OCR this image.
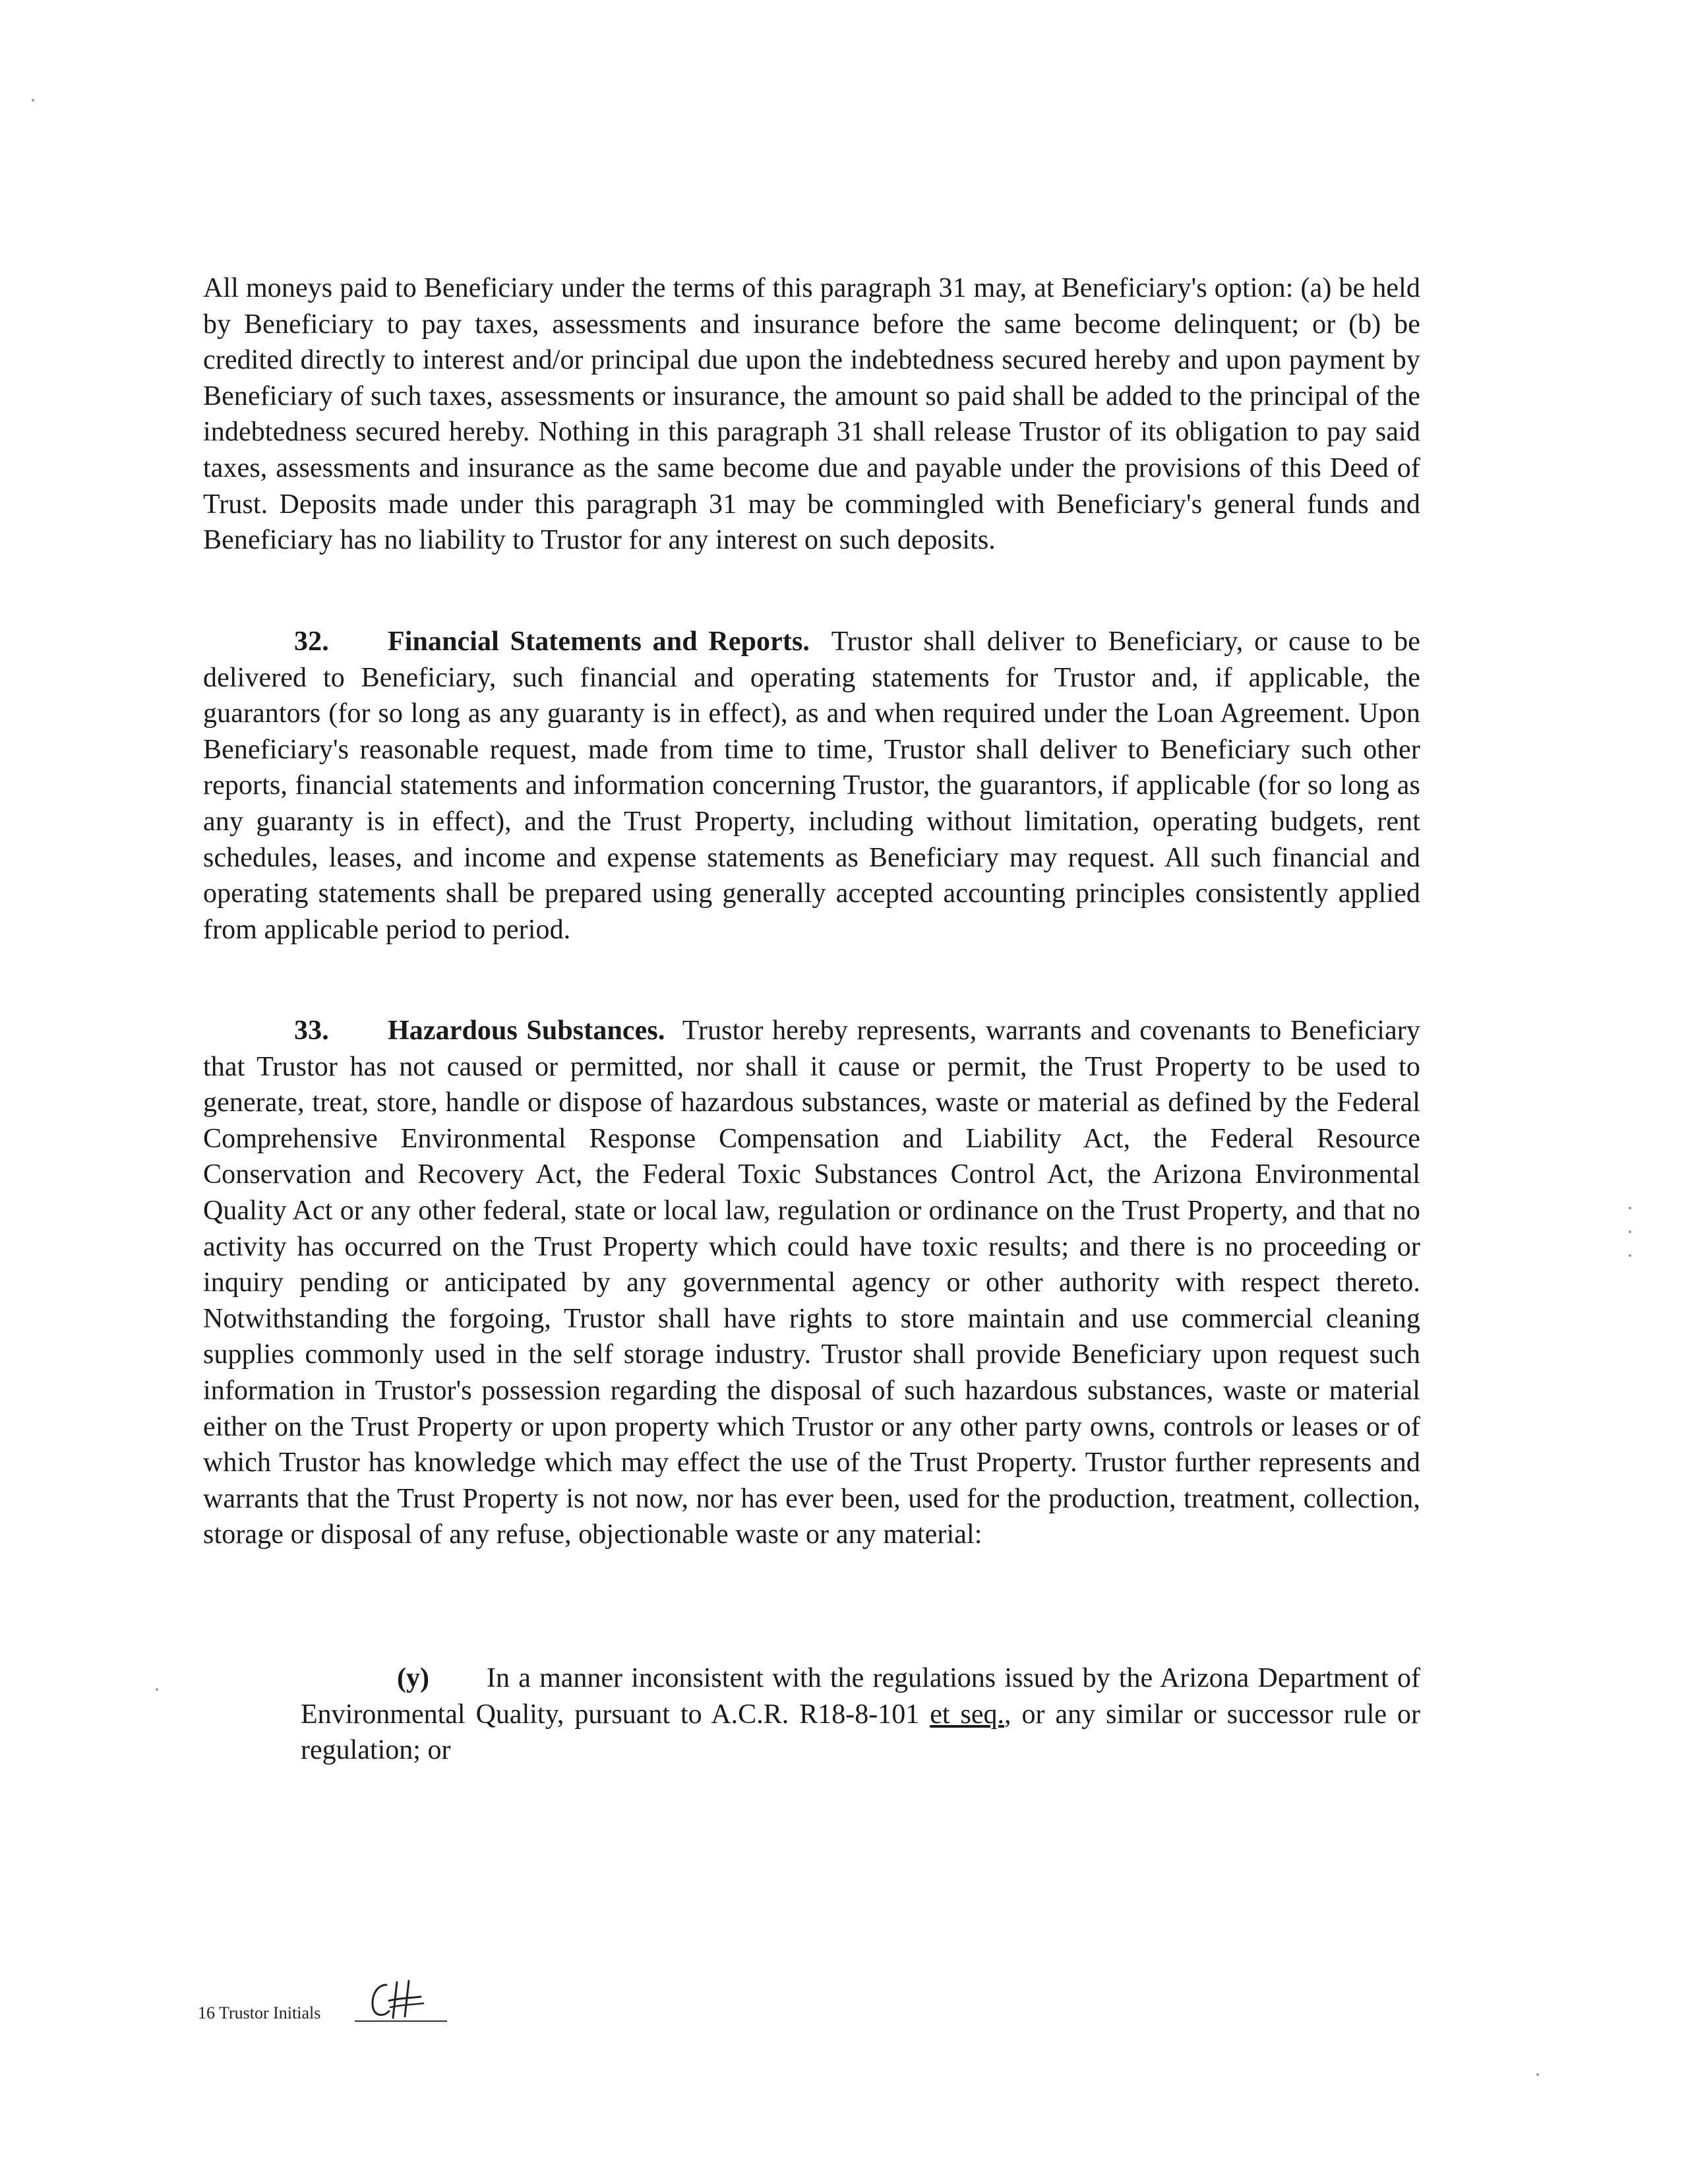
All moneys paid to Beneficiary under the terms of this paragraph 31 may, at Beneficiary's option: (a) be held by Beneficiary to pay taxes, assessments and insurance before the same become delinquent; or (b) be credited directly to interest and/or principal due upon the indebtedness secured hereby and upon payment by Beneficiary of such taxes, assessments or insurance, the amount so paid shall be added to the principal of the indebtedness secured hereby. Nothing in this paragraph 31 shall release Trustor of its obligation to pay said taxes, assessments and insurance as the same become due and payable under the provisions of this Deed of Trust. Deposits made under this paragraph 31 may be commingled with Beneficiary's general funds and Beneficiary has no liability to Trustor for any interest on such deposits.

32. Financial Statements and Reports. Trustor shall deliver to Beneficiary, or cause to be delivered to Beneficiary, such financial and operating statements for Trustor and, if applicable, the guarantors (for so long as any guaranty is in effect), as and when required under the Loan Agreement. Upon Beneficiary's reasonable request, made from time to time, Trustor shall deliver to Beneficiary such other reports, financial statements and information concerning Trustor, the guarantors, if applicable (for so long as any guaranty is in effect), and the Trust Property, including without limitation, operating budgets, rent schedules, leases, and income and expense statements as Beneficiary may request. All such financial and operating statements shall be prepared using generally accepted accounting principles consistently applied from applicable period to period.

33. Hazardous Substances. Trustor hereby represents, warrants and covenants to Beneficiary that Trustor has not caused or permitted, nor shall it cause or permit, the Trust Property to be used to generate, treat, store, handle or dispose of hazardous substances, waste or material as defined by the Federal Comprehensive Environmental Response Compensation and Liability Act, the Federal Resource Conservation and Recovery Act, the Federal Toxic Substances Control Act, the Arizona Environmental Quality Act or any other federal, state or local law, regulation or ordinance on the Trust Property, and that no activity has occurred on the Trust Property which could have toxic results; and there is no proceeding or inquiry pending or anticipated by any governmental agency or other authority with respect thereto. Notwithstanding the forgoing, Trustor shall have rights to store maintain and use commercial cleaning supplies commonly used in the self storage industry. Trustor shall provide Beneficiary upon request such information in Trustor's possession regarding the disposal of such hazardous substances, waste or material either on the Trust Property or upon property which Trustor or any other party owns, controls or leases or of which Trustor has knowledge which may effect the use of the Trust Property. Trustor further represents and warrants that the Trust Property is not now, nor has ever been, used for the production, treatment, collection, storage or disposal of any refuse, objectionable waste or any material:

(y) In a manner inconsistent with the regulations issued by the Arizona Department of Environmental Quality, pursuant to A.C.R. R18-8-101 et seq., or any similar or successor rule or regulation; or

16 Trustor Initials
